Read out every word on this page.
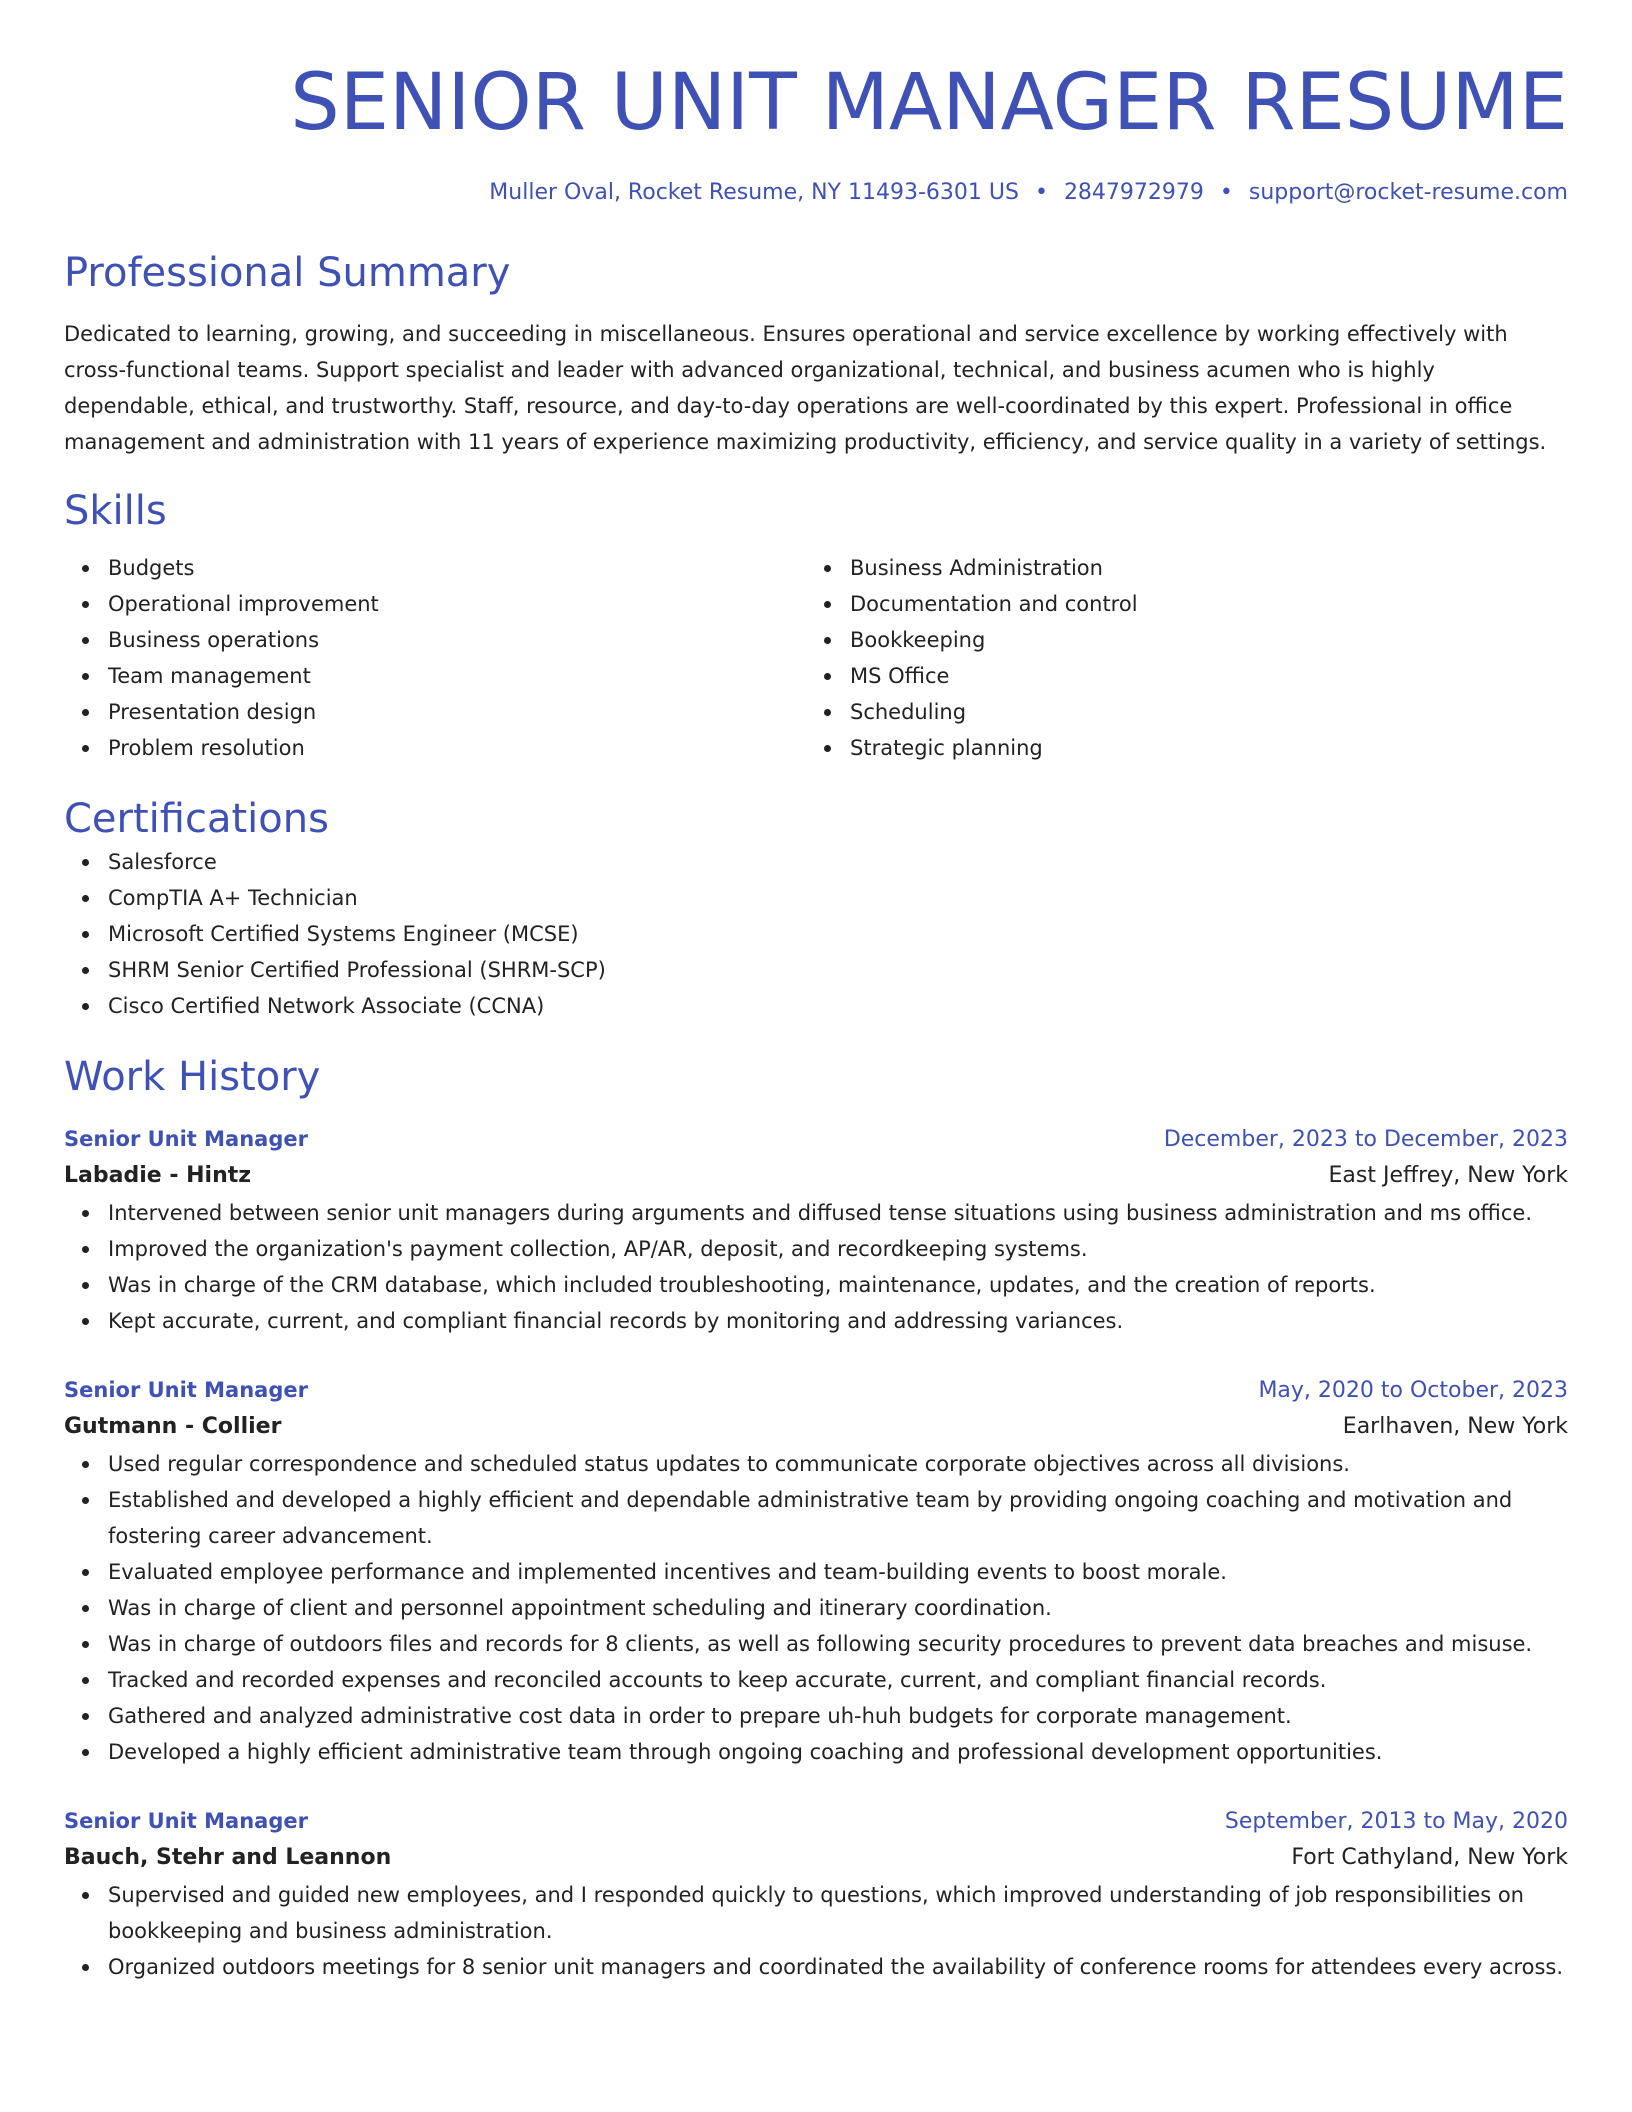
SENIOR UNIT MANAGER RESUME
Muller Oval, Rocket Resume, NY 11493-6301 US • 2847972979 • support@rocket-resume.com
Professional Summary
Dedicated to learning, growing, and succeeding in miscellaneous. Ensures operational and service excellence by working effectively with cross-functional teams. Support specialist and leader with advanced organizational, technical, and business acumen who is highly dependable, ethical, and trustworthy. Staff, resource, and day-to-day operations are well-coordinated by this expert. Professional in office management and administration with 11 years of experience maximizing productivity, efficiency, and service quality in a variety of settings.
Skills
Budgets
Operational improvement
Business operations
Team management
Presentation design
Problem resolution
Business Administration
Documentation and control
Bookkeeping
MS Office
Scheduling
Strategic planning
Certifications
Salesforce
CompTIA A+ Technician
Microsoft Certified Systems Engineer (MCSE)
SHRM Senior Certified Professional (SHRM-SCP)
Cisco Certified Network Associate (CCNA)
Work History
Senior Unit Manager	December, 2023 to December, 2023
Labadie - Hintz	East Jeffrey, New York
Intervened between senior unit managers during arguments and diffused tense situations using business administration and ms office.
Improved the organization's payment collection, AP/AR, deposit, and recordkeeping systems.
Was in charge of the CRM database, which included troubleshooting, maintenance, updates, and the creation of reports.
Kept accurate, current, and compliant financial records by monitoring and addressing variances.
Senior Unit Manager	May, 2020 to October, 2023
Gutmann - Collier	Earlhaven, New York
Used regular correspondence and scheduled status updates to communicate corporate objectives across all divisions.
Established and developed a highly efficient and dependable administrative team by providing ongoing coaching and motivation and fostering career advancement.
Evaluated employee performance and implemented incentives and team-building events to boost morale.
Was in charge of client and personnel appointment scheduling and itinerary coordination.
Was in charge of outdoors files and records for 8 clients, as well as following security procedures to prevent data breaches and misuse.
Tracked and recorded expenses and reconciled accounts to keep accurate, current, and compliant financial records.
Gathered and analyzed administrative cost data in order to prepare uh-huh budgets for corporate management.
Developed a highly efficient administrative team through ongoing coaching and professional development opportunities.
Senior Unit Manager	September, 2013 to May, 2020
Bauch, Stehr and Leannon	Fort Cathyland, New York
Supervised and guided new employees, and I responded quickly to questions, which improved understanding of job responsibilities on bookkeeping and business administration.
Organized outdoors meetings for 8 senior unit managers and coordinated the availability of conference rooms for attendees every across.
